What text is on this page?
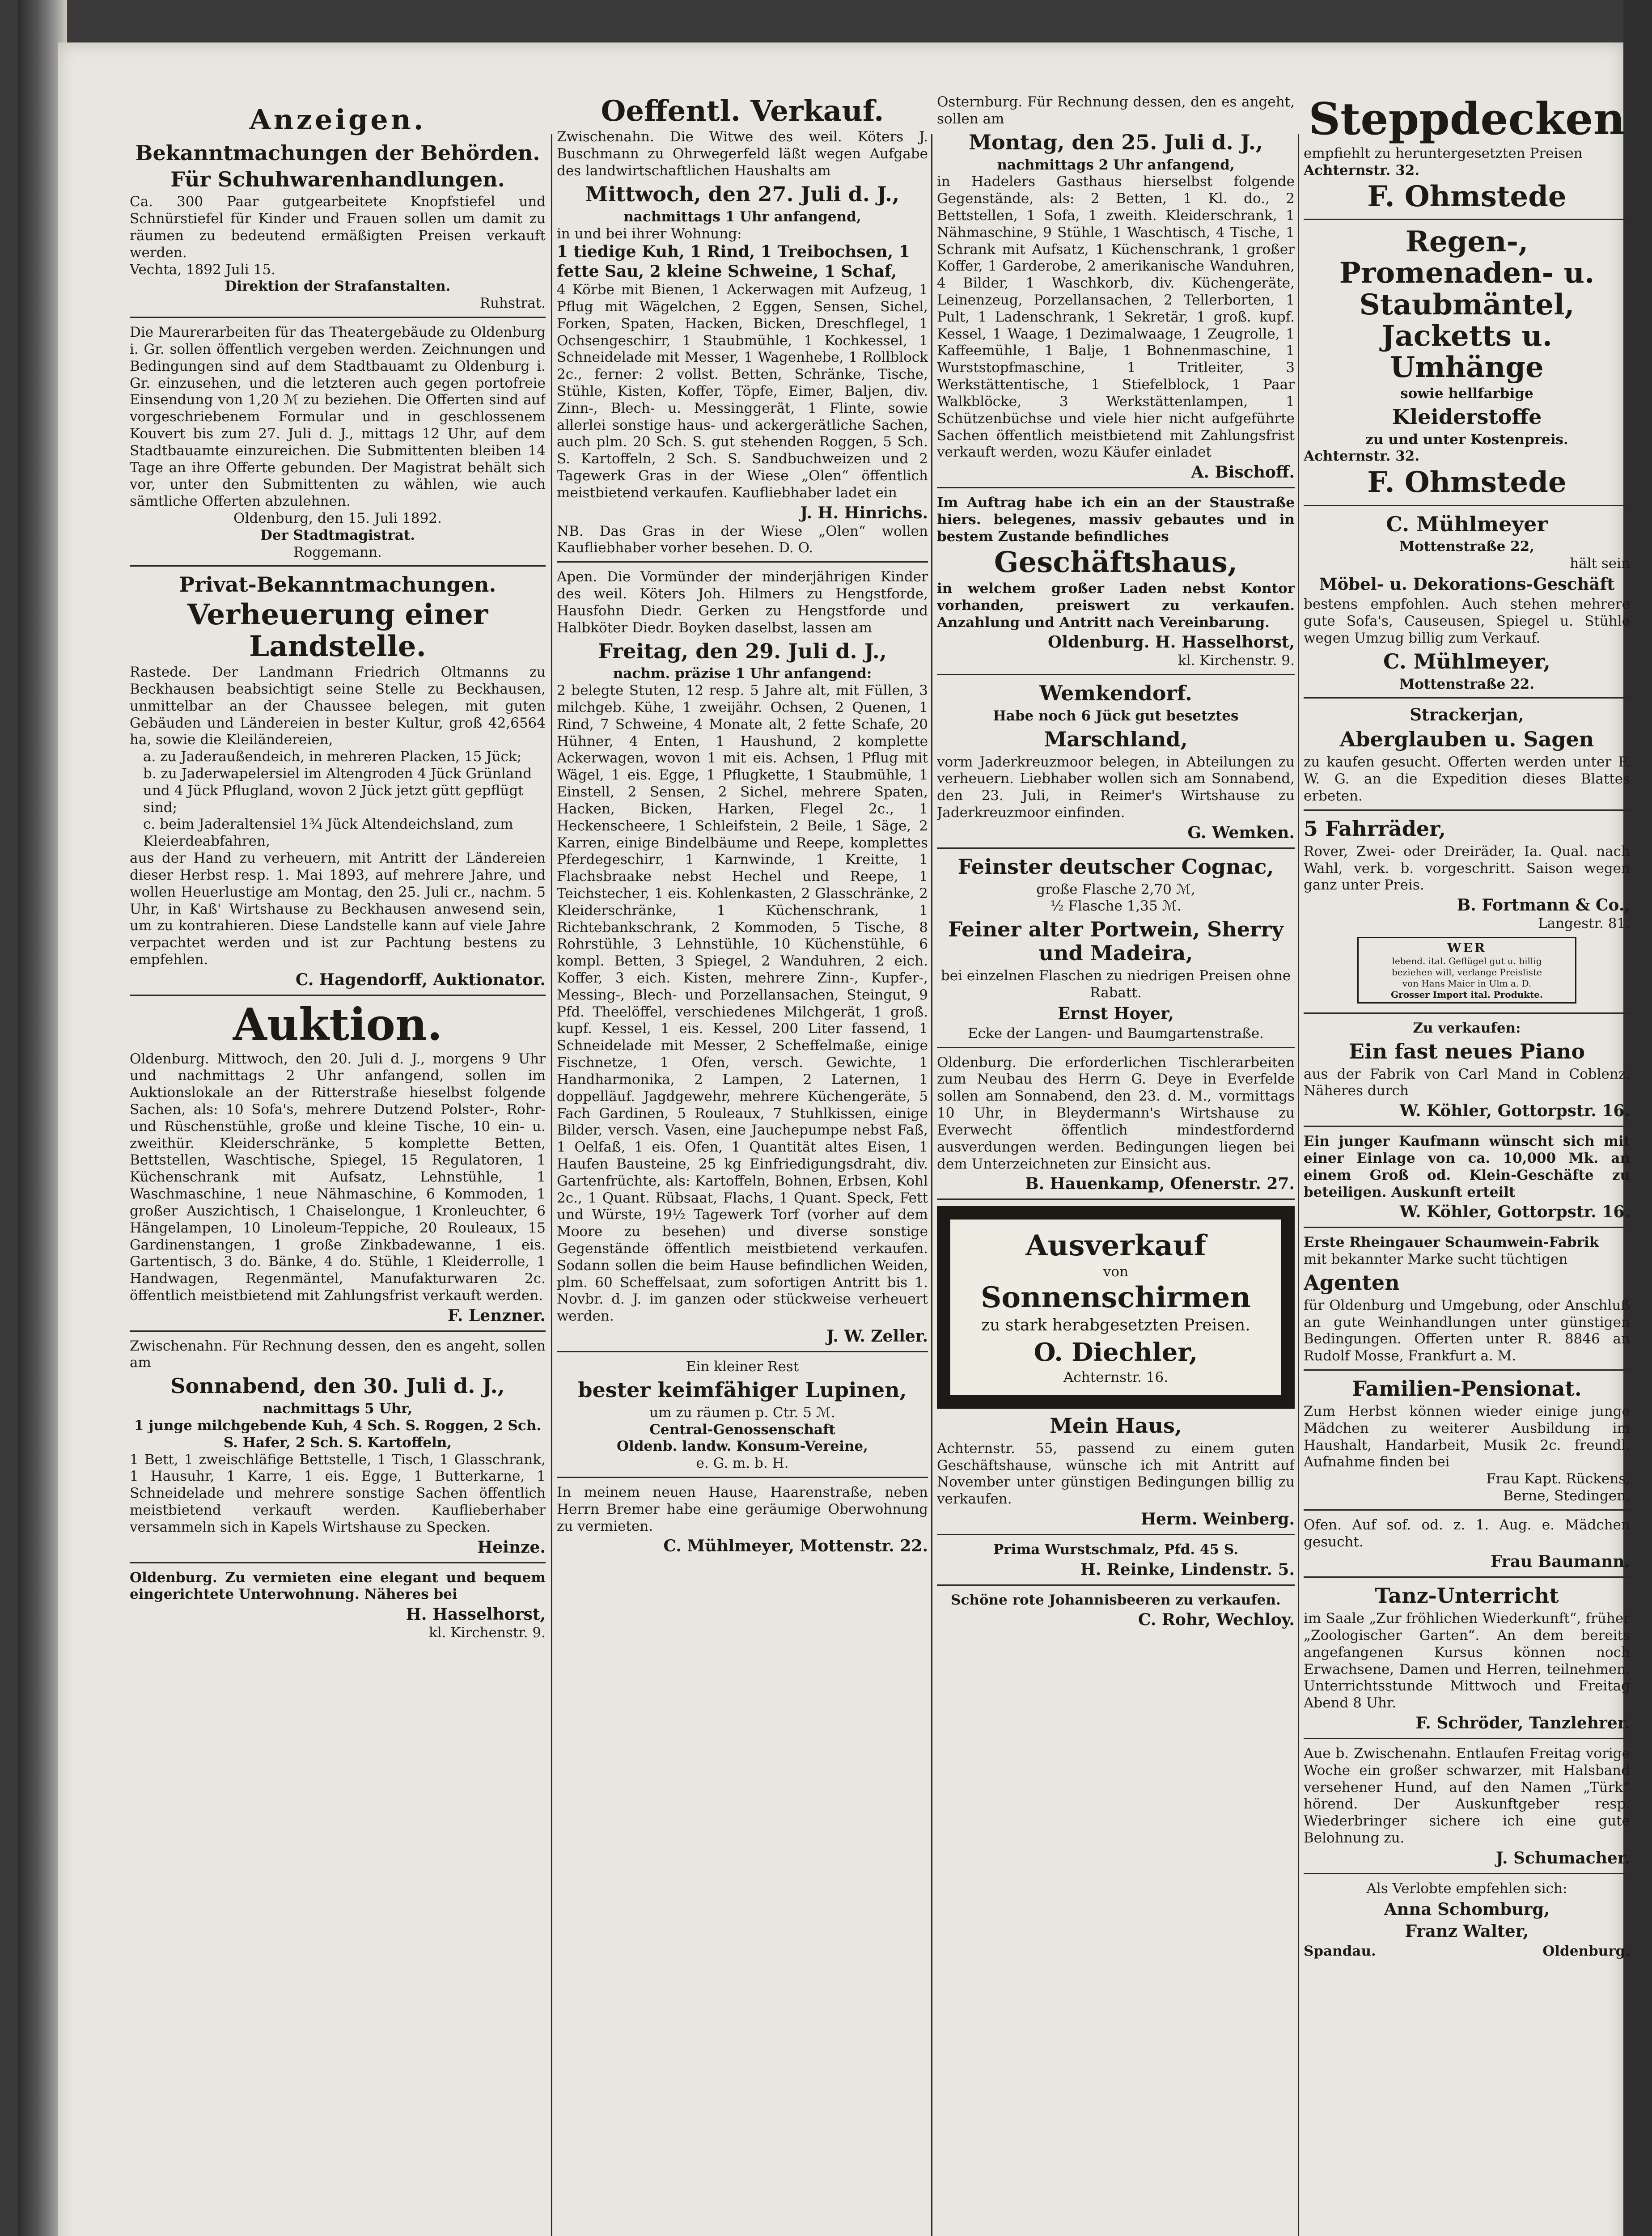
Anzeigen.
Bekanntmachungen der Behörden.
Für Schuhwarenhandlungen.
Ca. 300 Paar gutgearbeitete Knopfstiefel und Schnürstiefel für Kinder und Frauen sollen um damit zu räumen zu bedeutend ermäßigten Preisen verkauft werden.
Vechta, 1892 Juli 15.
Direktion der Strafanstalten.
Ruhstrat.
Die Maurerarbeiten für das Theatergebäude zu Oldenburg i. Gr. sollen öffentlich vergeben werden. Zeichnungen und Bedingungen sind auf dem Stadtbauamt zu Oldenburg i. Gr. einzusehen, und die letzteren auch gegen portofreie Einsendung von 1,20 ℳ zu beziehen. Die Offerten sind auf vorgeschriebenem Formular und in geschlossenem Kouvert bis zum 27. Juli d. J., mittags 12 Uhr, auf dem Stadtbauamte einzureichen. Die Submittenten bleiben 14 Tage an ihre Offerte gebunden. Der Magistrat behält sich vor, unter den Submittenten zu wählen, wie auch sämtliche Offerten abzulehnen.
Oldenburg, den 15. Juli 1892.
Der Stadtmagistrat.
Roggemann.
Privat-Bekanntmachungen.
Verheuerung einer Landstelle.
Rastede. Der Landmann Friedrich Oltmanns zu Beckhausen beabsichtigt seine Stelle zu Beckhausen, unmittelbar an der Chaussee belegen, mit guten Gebäuden und Ländereien in bester Kultur, groß 42,6564 ha, sowie die Kleiländereien,
a. zu Jaderaußendeich, in mehreren Placken, 15 Jück;
b. zu Jaderwapelersiel im Altengroden 4 Jück Grünland und 4 Jück Pflugland, wovon 2 Jück jetzt gütt gepflügt sind;
c. beim Jaderaltensiel 1¾ Jück Altendeichsland, zum Kleierdeabfahren,
aus der Hand zu verheuern, mit Antritt der Ländereien dieser Herbst resp. 1. Mai 1893, auf mehrere Jahre, und wollen Heuerlustige am Montag, den 25. Juli cr., nachm. 5 Uhr, in Kaß' Wirtshause zu Beckhausen anwesend sein, um zu kontrahieren. Diese Landstelle kann auf viele Jahre verpachtet werden und ist zur Pachtung bestens zu empfehlen.
C. Hagendorff, Auktionator.
Auktion.
Oldenburg. Mittwoch, den 20. Juli d. J., morgens 9 Uhr und nachmittags 2 Uhr anfangend, sollen im Auktionslokale an der Ritterstraße hieselbst folgende Sachen, als: 10 Sofa's, mehrere Dutzend Polster-, Rohr- und Rüschenstühle, große und kleine Tische, 10 ein- u. zweithür. Kleiderschränke, 5 komplette Betten, Bettstellen, Waschtische, Spiegel, 15 Regulatoren, 1 Küchenschrank mit Aufsatz, Lehnstühle, 1 Waschmaschine, 1 neue Nähmaschine, 6 Kommoden, 1 großer Auszichtisch, 1 Chaiselongue, 1 Kronleuchter, 6 Hängelampen, 10 Linoleum-Teppiche, 20 Rouleaux, 15 Gardinenstangen, 1 große Zinkbadewanne, 1 eis. Gartentisch, 3 do. Bänke, 4 do. Stühle, 1 Kleiderrolle, 1 Handwagen, Regenmäntel, Manufakturwaren 2c. öffentlich meistbietend mit Zahlungsfrist verkauft werden.
F. Lenzner.
Zwischenahn. Für Rechnung dessen, den es angeht, sollen am
Sonnabend, den 30. Juli d. J.,
nachmittags 5 Uhr,
1 junge milchgebende Kuh, 4 Sch. S. Roggen, 2 Sch. S. Hafer, 2 Sch. S. Kartoffeln,
1 Bett, 1 zweischläfige Bettstelle, 1 Tisch, 1 Glasschrank, 1 Hausuhr, 1 Karre, 1 eis. Egge, 1 Butterkarne, 1 Schneidelade und mehrere sonstige Sachen öffentlich meistbietend verkauft werden. Kauflieberhaber versammeln sich in Kapels Wirtshause zu Specken.
Heinze.
Oldenburg. Zu vermieten eine elegant und bequem eingerichtete Unterwohnung. Näheres bei
H. Hasselhorst,
kl. Kirchenstr. 9.
Oeffentl. Verkauf.
Zwischenahn. Die Witwe des weil. Köters J. Buschmann zu Ohrwegerfeld läßt wegen Aufgabe des landwirtschaftlichen Haushalts am
Mittwoch, den 27. Juli d. J.,
nachmittags 1 Uhr anfangend,
in und bei ihrer Wohnung:
1 tiedige Kuh, 1 Rind, 1 Treibochsen, 1 fette Sau, 2 kleine Schweine, 1 Schaf,
4 Körbe mit Bienen, 1 Ackerwagen mit Aufzeug, 1 Pflug mit Wägelchen, 2 Eggen, Sensen, Sichel, Forken, Spaten, Hacken, Bicken, Dreschflegel, 1 Ochsengeschirr, 1 Staubmühle, 1 Kochkessel, 1 Schneidelade mit Messer, 1 Wagenhebe, 1 Rollblock 2c., ferner: 2 vollst. Betten, Schränke, Tische, Stühle, Kisten, Koffer, Töpfe, Eimer, Baljen, div. Zinn-, Blech- u. Messinggerät, 1 Flinte, sowie allerlei sonstige haus- und ackergerätliche Sachen, auch plm. 20 Sch. S. gut stehenden Roggen, 5 Sch. S. Kartoffeln, 2 Sch. S. Sandbuchweizen und 2 Tagewerk Gras in der Wiese „Olen“ öffentlich meistbietend verkaufen. Kaufliebhaber ladet ein
J. H. Hinrichs.
NB. Das Gras in der Wiese „Olen“ wollen Kaufliebhaber vorher besehen. D. O.
Apen. Die Vormünder der minderjährigen Kinder des weil. Köters Joh. Hilmers zu Hengstforde, Hausfohn Diedr. Gerken zu Hengstforde und Halbköter Diedr. Boyken daselbst, lassen am
Freitag, den 29. Juli d. J.,
nachm. präzise 1 Uhr anfangend:
2 belegte Stuten, 12 resp. 5 Jahre alt, mit Füllen, 3 milchgeb. Kühe, 1 zweijähr. Ochsen, 2 Quenen, 1 Rind, 7 Schweine, 4 Monate alt, 2 fette Schafe, 20 Hühner, 4 Enten, 1 Haushund, 2 komplette Ackerwagen, wovon 1 mit eis. Achsen, 1 Pflug mit Wägel, 1 eis. Egge, 1 Pflugkette, 1 Staubmühle, 1 Einstell, 2 Sensen, 2 Sichel, mehrere Spaten, Hacken, Bicken, Harken, Flegel 2c., 1 Heckenscheere, 1 Schleifstein, 2 Beile, 1 Säge, 2 Karren, einige Bindelbäume und Reepe, komplettes Pferdegeschirr, 1 Karnwinde, 1 Kreitte, 1 Flachsbraake nebst Hechel und Reepe, 1 Teichstecher, 1 eis. Kohlenkasten, 2 Glasschränke, 2 Kleiderschränke, 1 Küchenschrank, 1 Richtebankschrank, 2 Kommoden, 5 Tische, 8 Rohrstühle, 3 Lehnstühle, 10 Küchenstühle, 6 kompl. Betten, 3 Spiegel, 2 Wanduhren, 2 eich. Koffer, 3 eich. Kisten, mehrere Zinn-, Kupfer-, Messing-, Blech- und Porzellansachen, Steingut, 9 Pfd. Theelöffel, verschiedenes Milchgerät, 1 groß. kupf. Kessel, 1 eis. Kessel, 200 Liter fassend, 1 Schneidelade mit Messer, 2 Scheffelmaße, einige Fischnetze, 1 Ofen, versch. Gewichte, 1 Handharmonika, 2 Lampen, 2 Laternen, 1 doppelläuf. Jagdgewehr, mehrere Küchengeräte, 5 Fach Gardinen, 5 Rouleaux, 7 Stuhlkissen, einige Bilder, versch. Vasen, eine Jauchepumpe nebst Faß, 1 Oelfaß, 1 eis. Ofen, 1 Quantität altes Eisen, 1 Haufen Bausteine, 25 kg Einfriedigungsdraht, div. Gartenfrüchte, als: Kartoffeln, Bohnen, Erbsen, Kohl 2c., 1 Quant. Rübsaat, Flachs, 1 Quant. Speck, Fett und Würste, 19½ Tagewerk Torf (vorher auf dem Moore zu besehen) und diverse sonstige Gegenstände öffentlich meistbietend verkaufen. Sodann sollen die beim Hause befindlichen Weiden, plm. 60 Scheffelsaat, zum sofortigen Antritt bis 1. Novbr. d. J. im ganzen oder stückweise verheuert werden.
J. W. Zeller.
Ein kleiner Rest
bester keimfähiger Lupinen,
um zu räumen p. Ctr. 5 ℳ.
Central-Genossenschaft
Oldenb. landw. Konsum-Vereine,
e. G. m. b. H.
In meinem neuen Hause, Haarenstraße, neben Herrn Bremer habe eine geräumige Oberwohnung zu vermieten.
C. Mühlmeyer, Mottenstr. 22.
Osternburg. Für Rechnung dessen, den es angeht, sollen am
Montag, den 25. Juli d. J.,
nachmittags 2 Uhr anfangend,
in Hadelers Gasthaus hierselbst folgende Gegenstände, als: 2 Betten, 1 Kl. do., 2 Bettstellen, 1 Sofa, 1 zweith. Kleiderschrank, 1 Nähmaschine, 9 Stühle, 1 Waschtisch, 4 Tische, 1 Schrank mit Aufsatz, 1 Küchenschrank, 1 großer Koffer, 1 Garderobe, 2 amerikanische Wanduhren, 4 Bilder, 1 Waschkorb, div. Küchengeräte, Leinenzeug, Porzellansachen, 2 Tellerborten, 1 Pult, 1 Ladenschrank, 1 Sekretär, 1 groß. kupf. Kessel, 1 Waage, 1 Dezimalwaage, 1 Zeugrolle, 1 Kaffeemühle, 1 Balje, 1 Bohnenmaschine, 1 Wurststopfmaschine, 1 Tritleiter, 3 Werkstättentische, 1 Stiefelblock, 1 Paar Walkblöcke, 3 Werkstättenlampen, 1 Schützenbüchse und viele hier nicht aufgeführte Sachen öffentlich meistbietend mit Zahlungsfrist verkauft werden, wozu Käufer einladet
A. Bischoff.
Im Auftrag habe ich ein an der Staustraße hiers. belegenes, massiv gebautes und in bestem Zustande befindliches
Geschäftshaus,
in welchem großer Laden nebst Kontor vorhanden, preiswert zu verkaufen. Anzahlung und Antritt nach Vereinbarung.
Oldenburg. H. Hasselhorst,
kl. Kirchenstr. 9.
Wemkendorf.
Habe noch 6 Jück gut besetztes
Marschland,
vorm Jaderkreuzmoor belegen, in Abteilungen zu verheuern. Liebhaber wollen sich am Sonnabend, den 23. Juli, in Reimer's Wirtshause zu Jaderkreuzmoor einfinden.
G. Wemken.
Feinster deutscher Cognac,
große Flasche 2,70 ℳ,
½ Flasche 1,35 ℳ.
Feiner alter Portwein, Sherry und Madeira,
bei einzelnen Flaschen zu niedrigen Preisen ohne Rabatt.
Ernst Hoyer,
Ecke der Langen- und Baumgartenstraße.
Oldenburg. Die erforderlichen Tischlerarbeiten zum Neubau des Herrn G. Deye in Everfelde sollen am Sonnabend, den 23. d. M., vormittags 10 Uhr, in Bleydermann's Wirtshause zu Everwecht öffentlich mindestfordernd ausverdungen werden. Bedingungen liegen bei dem Unterzeichneten zur Einsicht aus.
B. Hauenkamp, Ofenerstr. 27.
Ausverkauf
von
Sonnenschirmen
zu stark herabgesetzten Preisen.
O. Diechler,
Achternstr. 16.
Mein Haus,
Achternstr. 55, passend zu einem guten Geschäftshause, wünsche ich mit Antritt auf November unter günstigen Bedingungen billig zu verkaufen.
Herm. Weinberg.
Prima Wurstschmalz, Pfd. 45 S.
H. Reinke, Lindenstr. 5.
Schöne rote Johannisbeeren zu verkaufen.
C. Rohr, Wechloy.
Steppdecken
empfiehlt zu heruntergesetzten Preisen
Achternstr. 32.
F. Ohmstede
Regen-, Promenaden- u. Staubmäntel, Jacketts u. Umhänge
sowie hellfarbige
Kleiderstoffe
zu und unter Kostenpreis.
Achternstr. 32.
F. Ohmstede
C. Mühlmeyer
Mottenstraße 22,
hält sein
Möbel- u. Dekorations-Geschäft
bestens empfohlen. Auch stehen mehrere gute Sofa's, Causeusen, Spiegel u. Stühle wegen Umzug billig zum Verkauf.
C. Mühlmeyer,
Mottenstraße 22.
Strackerjan,
Aberglauben u. Sagen
zu kaufen gesucht. Offerten werden unter F. W. G. an die Expedition dieses Blattes erbeten.
5 Fahrräder,
Rover, Zwei- oder Dreiräder, Ia. Qual. nach Wahl, verk. b. vorgeschritt. Saison wegen ganz unter Preis.
B. Fortmann & Co.,
Langestr. 81.
WER
lebend. ital. Geflügel gut u. billig
beziehen will, verlange Preisliste
von Hans Maier in Ulm a. D.
Grosser Import ital. Produkte.
Zu verkaufen:
Ein fast neues Piano
aus der Fabrik von Carl Mand in Coblenz. Näheres durch
W. Köhler, Gottorpstr. 16.
Ein junger Kaufmann wünscht sich mit einer Einlage von ca. 10,000 Mk. an einem Groß od. Klein-Geschäfte zu beteiligen. Auskunft erteilt
W. Köhler, Gottorpstr. 16.
Erste Rheingauer Schaumwein-Fabrik
mit bekannter Marke sucht tüchtigen
Agenten
für Oldenburg und Umgebung, oder Anschluß an gute Weinhandlungen unter günstigen Bedingungen. Offerten unter R. 8846 an Rudolf Mosse, Frankfurt a. M.
Familien-Pensionat.
Zum Herbst können wieder einige junge Mädchen zu weiterer Ausbildung im Haushalt, Handarbeit, Musik 2c. freundl. Aufnahme finden bei
Frau Kapt. Rückens,
Berne, Stedingen.
Ofen. Auf sof. od. z. 1. Aug. e. Mädchen gesucht.
Frau Baumann.
Tanz-Unterricht
im Saale „Zur fröhlichen Wiederkunft“, früher „Zoologischer Garten“. An dem bereits angefangenen Kursus können noch Erwachsene, Damen und Herren, teilnehmen. Unterrichtsstunde Mittwoch und Freitag Abend 8 Uhr.
F. Schröder, Tanzlehrer.
Aue b. Zwischenahn. Entlaufen Freitag vorige Woche ein großer schwarzer, mit Halsband versehener Hund, auf den Namen „Türk“ hörend. Der Auskunftgeber resp. Wiederbringer sichere ich eine gute Belohnung zu.
J. Schumacher.
Als Verlobte empfehlen sich:
Anna Schomburg,
Franz Walter,
Spandau.	Oldenburg.
